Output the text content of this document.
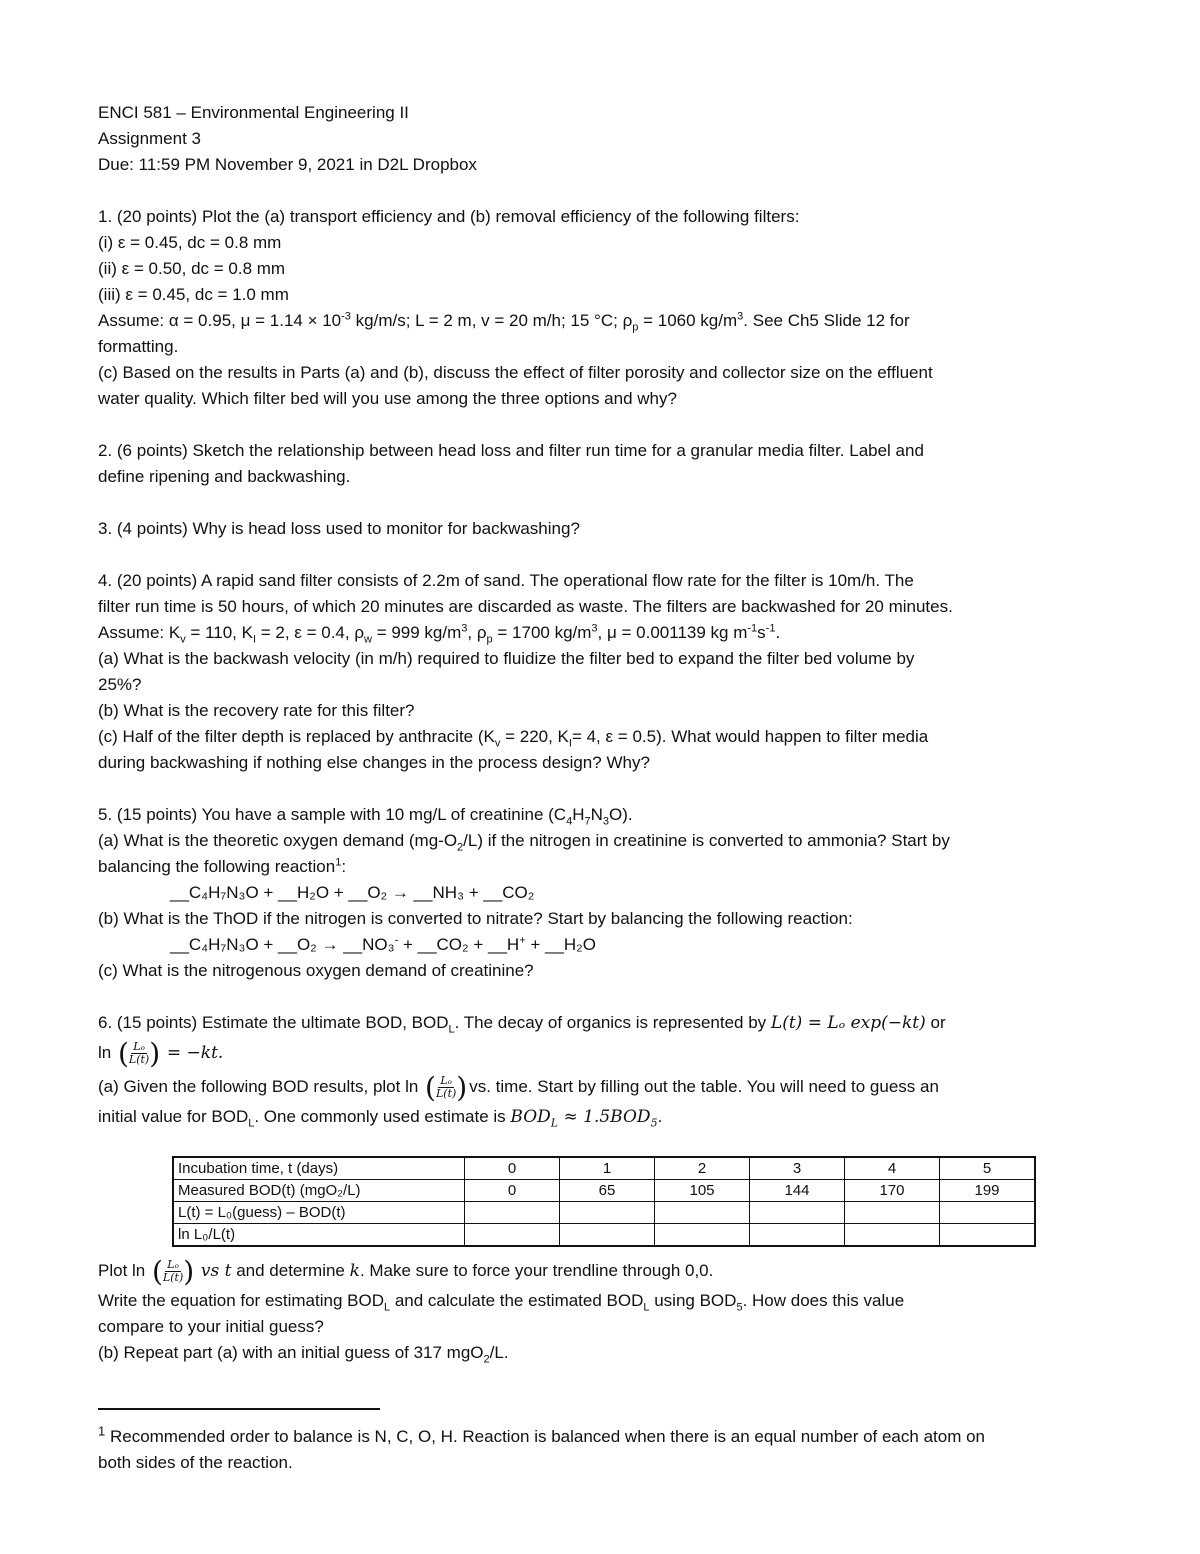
ENCI 581 – Environmental Engineering II
Assignment 3
Due: 11:59 PM November 9, 2021 in D2L Dropbox
1. (20 points) Plot the (a) transport efficiency and (b) removal efficiency of the following filters:
(i) ε = 0.45, dc = 0.8 mm
(ii) ε = 0.50, dc = 0.8 mm
(iii) ε = 0.45, dc = 1.0 mm
Assume: α = 0.95, $\mu = 1.14 \times 10^{-3}$ kg/m/s; L = 2 m, v = 20 m/h; 15 °C; $\rho_p = 1060$ $kg/m^3$. See Ch5 Slide 12 for
formatting.
(c) Based on the results in Parts (a) and (b), discuss the effect of filter porosity and collector size on the effluent
water quality. Which filter bed will you use among the three options and why?
2. (6 points) Sketch the relationship between head loss and filter run time for a granular media filter. Label and
define ripening and backwashing.
3. (4 points) Why is head loss used to monitor for backwashing?
4. (20 points) A rapid sand filter consists of 2.2m of sand. The operational flow rate for the filter is 10m/h. The
filter run time is 50 hours, of which 20 minutes are discarded as waste. The filters are backwashed for 20 minutes.
Assume: $K_v = 110$, $K_I = 2$, ε = 0.4, $\rho_w = 999$ $kg/m^3$, $\rho_p = 1700$ $kg/m^3$, μ = 0.001139 kg $m^{-1}s^{-1}$.
(a) What is the backwash velocity (in m/h) required to fluidize the filter bed to expand the filter bed volume by
25%?
(b) What is the recovery rate for this filter?
(c) Half of the filter depth is replaced by anthracite ($K_v = 220$, $K_I= 4$, ε = 0.5). What would happen to filter media
during backwashing if nothing else changes in the process design? Why?
5. (15 points) You have a sample with 10 mg/L of creatinine $(C_4H_7N_3O)$.
(a) What is the theoretic oxygen demand $(mg-O_2/L)$ if the nitrogen in creatinine is converted to ammonia? Start by
balancing the following reaction$^1$:
__C₄H₇N₃O + __H₂O + __O₂ → __NH₃ + __CO₂
(b) What is the ThOD if the nitrogen is converted to nitrate? Start by balancing the following reaction:
__C₄H₇N₃O + __O₂ → __NO₃- + __CO₂ + __H+ + __H₂O
(c) What is the nitrogenous oxygen demand of creatinine?
6. (15 points) Estimate the ultimate BOD, $BOD_L$. The decay of organics is represented by L(t) = Lₒ exp(−kt) or
ln ( Lₒ
L(t) ) = −kt.
(a) Given the following BOD results, plot ln ( Lₒ
L(t) ) vs. time. Start by filling out the table. You will need to guess an
initial value for $BOD_L$. One commonly used estimate is $BOD_L \approx 1.5BOD_5$.
Incubation time, t (days)	0	1	2	3	4	5
Measured BOD(t) (mgO₂/L)	0	65	105	144	170	199
L(t) = L₀(guess) – BOD(t)						
ln L₀/L(t)						
Plot ln ( Lₒ
L(t) ) vs t and determine k. Make sure to force your trendline through 0,0.
Write the equation for estimating $BOD_L$ and calculate the estimated $BOD_L$ using $BOD_5$. How does this value
compare to your initial guess?
(b) Repeat part (a) with an initial guess of 317 mgO$_2$/L.
$^1$ Recommended order to balance is N, C, O, H. Reaction is balanced when there is an equal number of each atom on
both sides of the reaction.
